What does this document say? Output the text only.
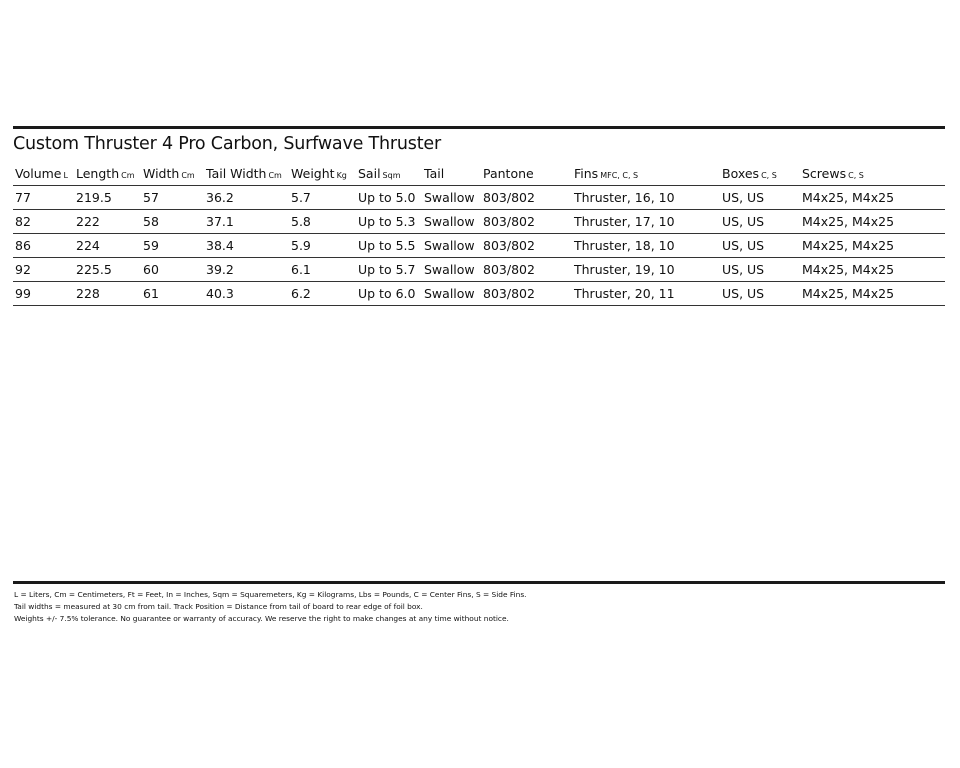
Custom Thruster 4 Pro Carbon, Surfwave Thruster
Volume L	Length Cm	Width Cm	Tail Width Cm	Weight Kg	Sail Sqm	Tail	Pantone	Fins MFC, C, S	Boxes C, S	Screws C, S
77	219.5	57	36.2	5.7	Up to 5.0	Swallow	803/802	Thruster, 16, 10	US, US	M4x25, M4x25
82	222	58	37.1	5.8	Up to 5.3	Swallow	803/802	Thruster, 17, 10	US, US	M4x25, M4x25
86	224	59	38.4	5.9	Up to 5.5	Swallow	803/802	Thruster, 18, 10	US, US	M4x25, M4x25
92	225.5	60	39.2	6.1	Up to 5.7	Swallow	803/802	Thruster, 19, 10	US, US	M4x25, M4x25
99	228	61	40.3	6.2	Up to 6.0	Swallow	803/802	Thruster, 20, 11	US, US	M4x25, M4x25
L = Liters, Cm = Centimeters, Ft = Feet, In = Inches, Sqm = Squaremeters, Kg = Kilograms, Lbs = Pounds, C = Center Fins, S = Side Fins.
Tail widths = measured at 30 cm from tail. Track Position = Distance from tail of board to rear edge of foil box.
Weights +/- 7.5% tolerance. No guarantee or warranty of accuracy. We reserve the right to make changes at any time without notice.
